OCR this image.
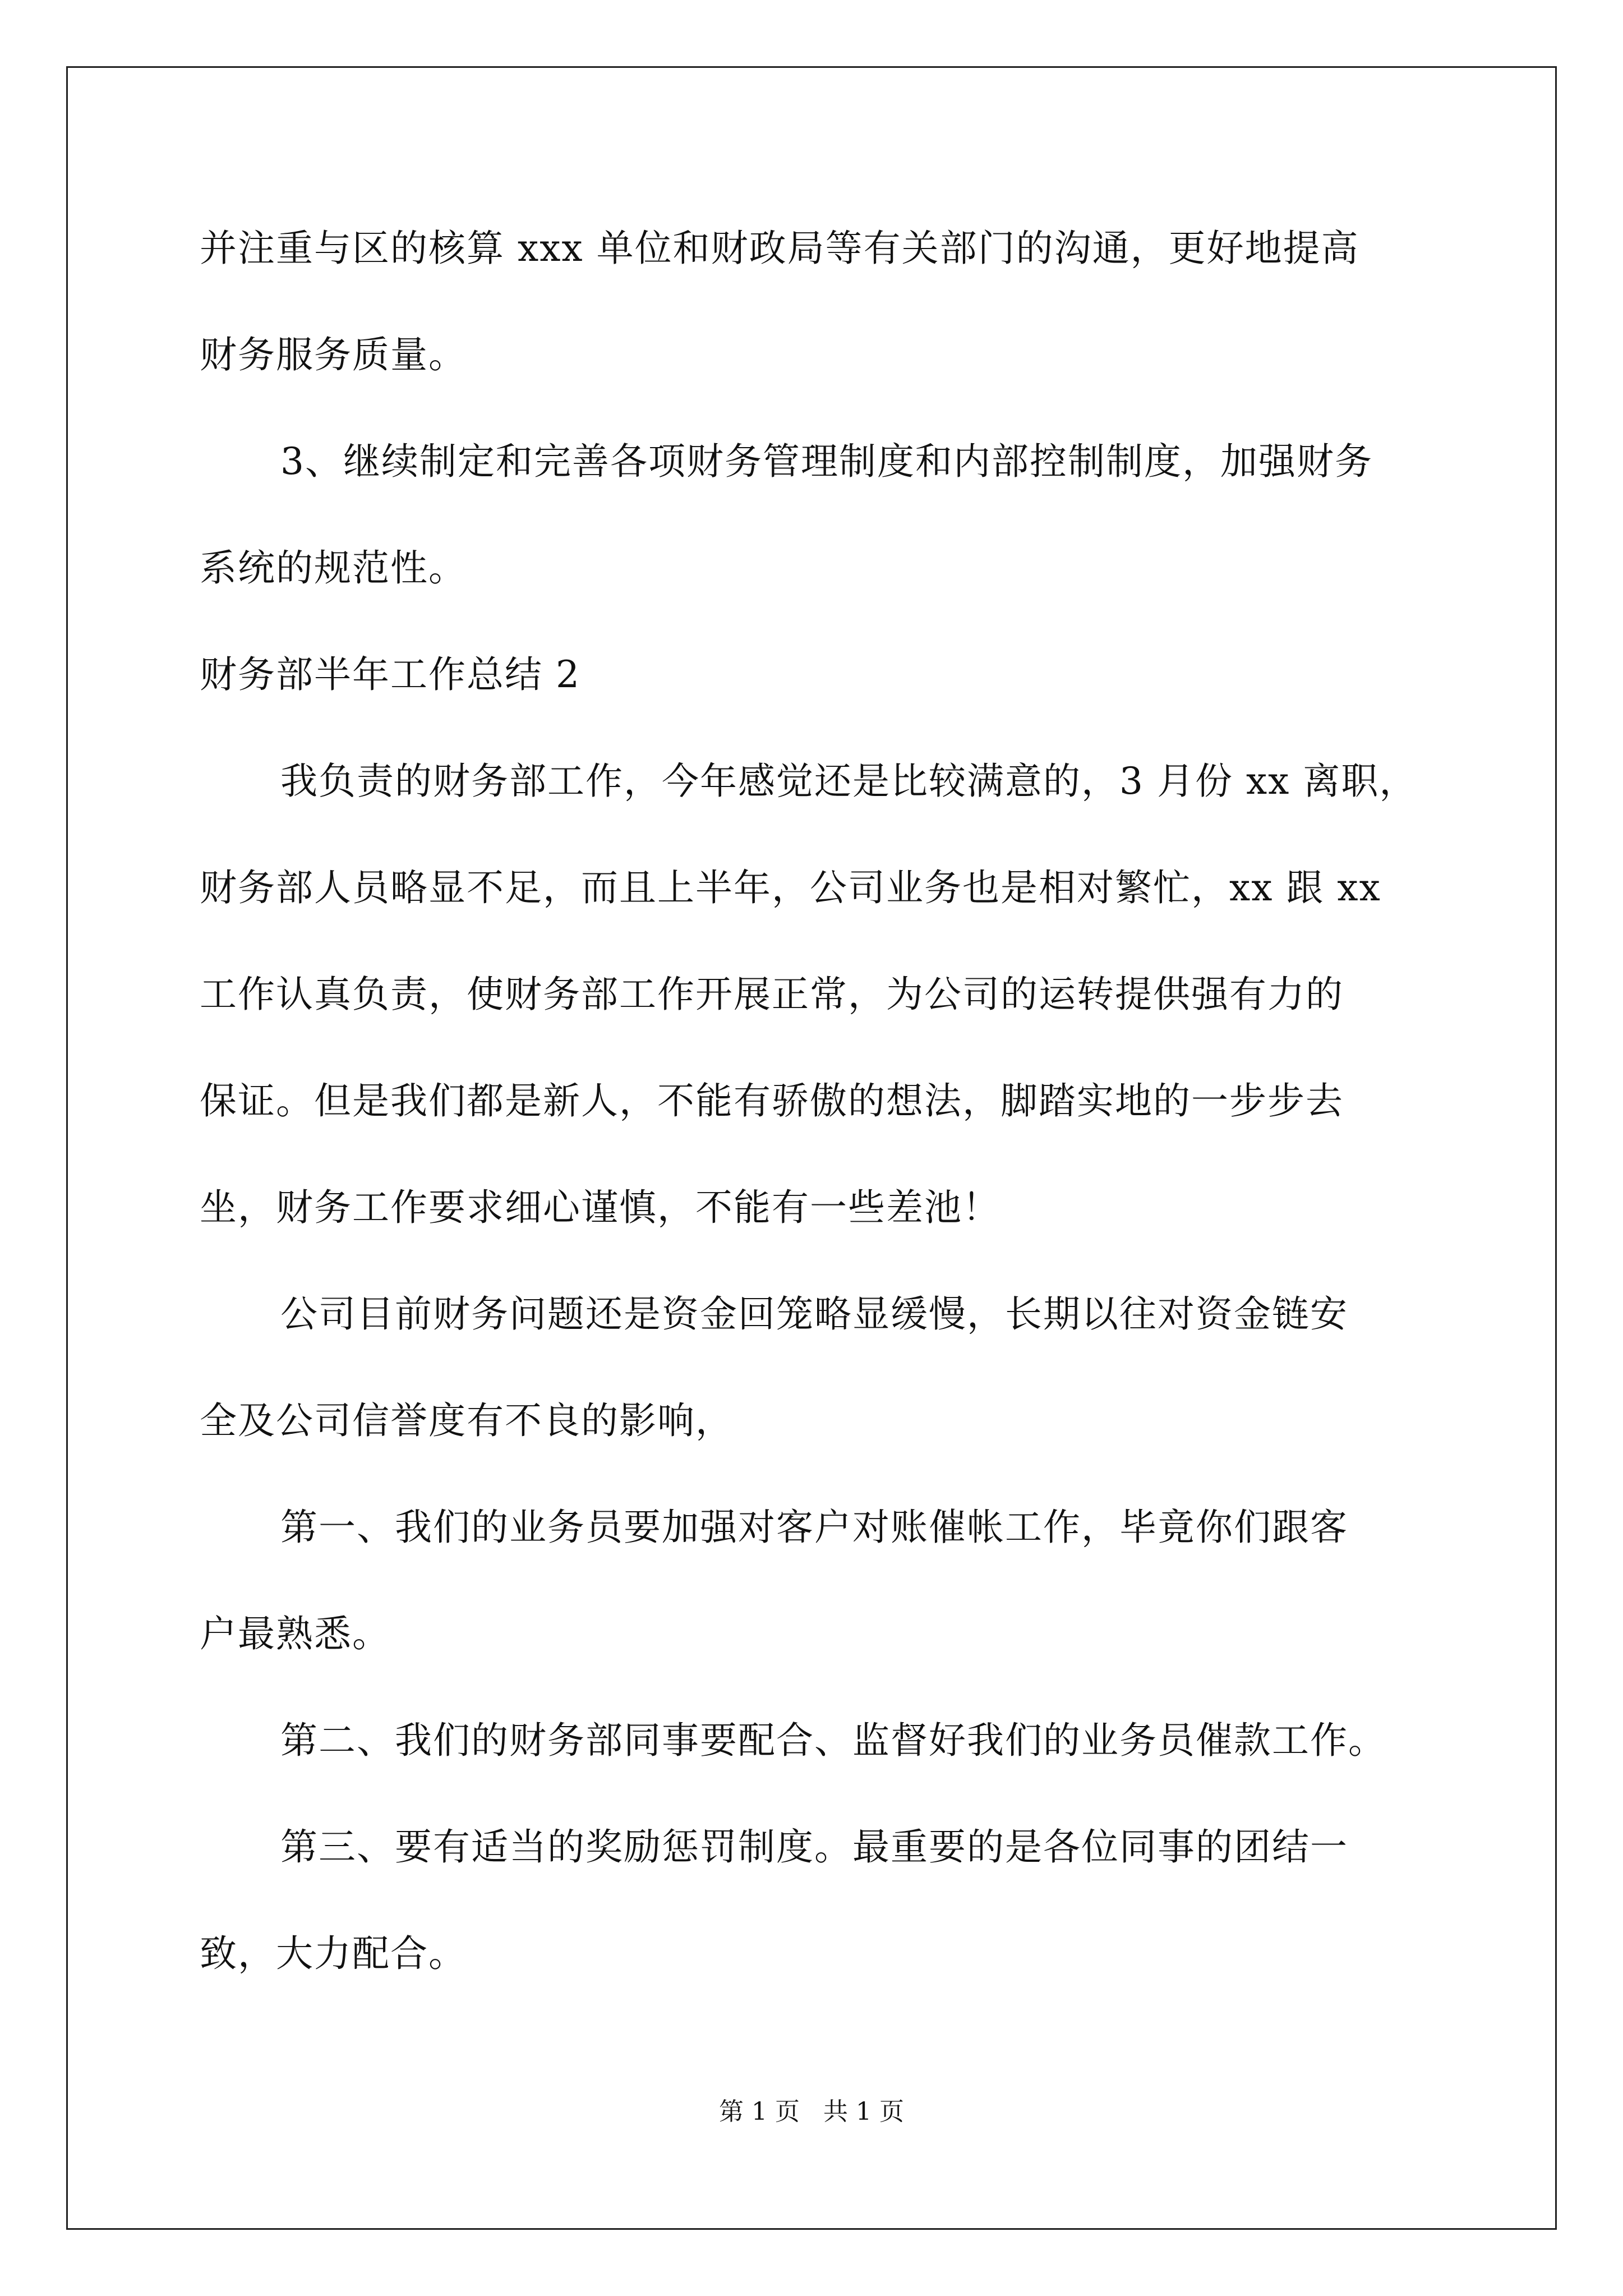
并注重与区的核算 xxx 单位和财政局等有关部门的沟通，更好地提高
财务服务质量。
3、继续制定和完善各项财务管理制度和内部控制制度，加强财务
系统的规范性。
财务部半年工作总结 2
我负责的财务部工作，今年感觉还是比较满意的，3 月份 xx 离职，
财务部人员略显不足，而且上半年，公司业务也是相对繁忙，xx 跟 xx
工作认真负责，使财务部工作开展正常，为公司的运转提供强有力的
保证。但是我们都是新人，不能有骄傲的想法，脚踏实地的一步步去
坐，财务工作要求细心谨慎，不能有一些差池！
公司目前财务问题还是资金回笼略显缓慢，长期以往对资金链安
全及公司信誉度有不良的影响，
第一、我们的业务员要加强对客户对账催帐工作，毕竟你们跟客
户最熟悉。
第二、我们的财务部同事要配合、监督好我们的业务员催款工作。
第三、要有适当的奖励惩罚制度。最重要的是各位同事的团结一
致，大力配合。
第 1 页   共 1 页
